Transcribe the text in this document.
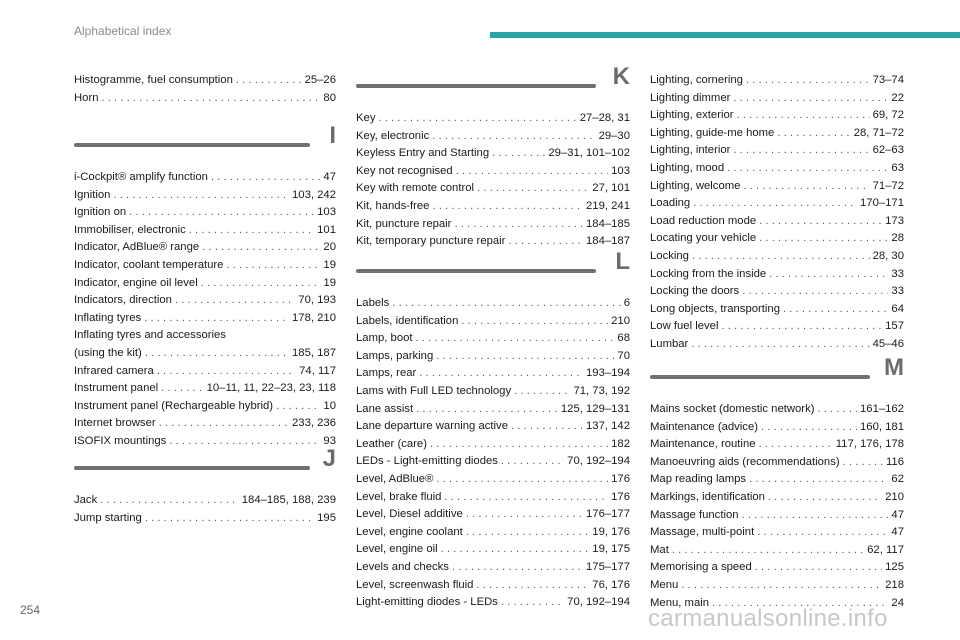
Alphabetical index
Histogramme, fuel consumption . . .	25–26
Horn . . .	80
I
i-Cockpit® amplify function . . .	47
Ignition . . .	103, 242
Ignition on . . .	103
Immobiliser, electronic . . .	101
Indicator, AdBlue® range . . .	20
Indicator, coolant temperature . . .	19
Indicator, engine oil level . . .	19
Indicators, direction . . .	70, 193
Inflating tyres . . .	178, 210
Inflating tyres and accessories
(using the kit) . . .	185, 187
Infrared camera . . .	74, 117
Instrument panel . . .	10–11, 11, 22–23, 23, 118
Instrument panel (Rechargeable hybrid) . . .	10
Internet browser . . .	233, 236
ISOFIX mountings . . .	93
J
Jack . . .	184–185, 188, 239
Jump starting . . .	195
K
Key . . .	27–28, 31
Key, electronic . . .	29–30
Keyless Entry and Starting . . .	29–31, 101–102
Key not recognised . . .	103
Key with remote control . . .	27, 101
Kit, hands-free . . .	219, 241
Kit, puncture repair . . .	184–185
Kit, temporary puncture repair . . .	184–187
L
Labels . . .	6
Labels, identification . . .	210
Lamp, boot . . .	68
Lamps, parking . . .	70
Lamps, rear . . .	193–194
Lams with Full LED technology . . .	71, 73, 192
Lane assist . . .	125, 129–131
Lane departure warning active . . .	137, 142
Leather (care) . . .	182
LEDs - Light-emitting diodes . . .	70, 192–194
Level, AdBlue® . . .	176
Level, brake fluid . . .	176
Level, Diesel additive . . .	176–177
Level, engine coolant . . .	19, 176
Level, engine oil . . .	19, 175
Levels and checks . . .	175–177
Level, screenwash fluid . . .	76, 176
Light-emitting diodes - LEDs . . .	70, 192–194
Lighting, cornering . . .	73–74
Lighting dimmer . . .	22
Lighting, exterior . . .	69, 72
Lighting, guide-me home . . .	28, 71–72
Lighting, interior . . .	62–63
Lighting, mood . . .	63
Lighting, welcome . . .	71–72
Loading . . .	170–171
Load reduction mode . . .	173
Locating your vehicle . . .	28
Locking . . .	28, 30
Locking from the inside . . .	33
Locking the doors . . .	33
Long objects, transporting . . .	64
Low fuel level . . .	157
Lumbar . . .	45–46
M
Mains socket (domestic network) . . .	161–162
Maintenance (advice) . . .	160, 181
Maintenance, routine . . .	117, 176, 178
Manoeuvring aids (recommendations) . . .	116
Map reading lamps . . .	62
Markings, identification . . .	210
Massage function . . .	47
Massage, multi-point . . .	47
Mat . . .	62, 117
Memorising a speed . . .	125
Menu . . .	218
Menu, main . . .	24
254	carmanualsonline.info
